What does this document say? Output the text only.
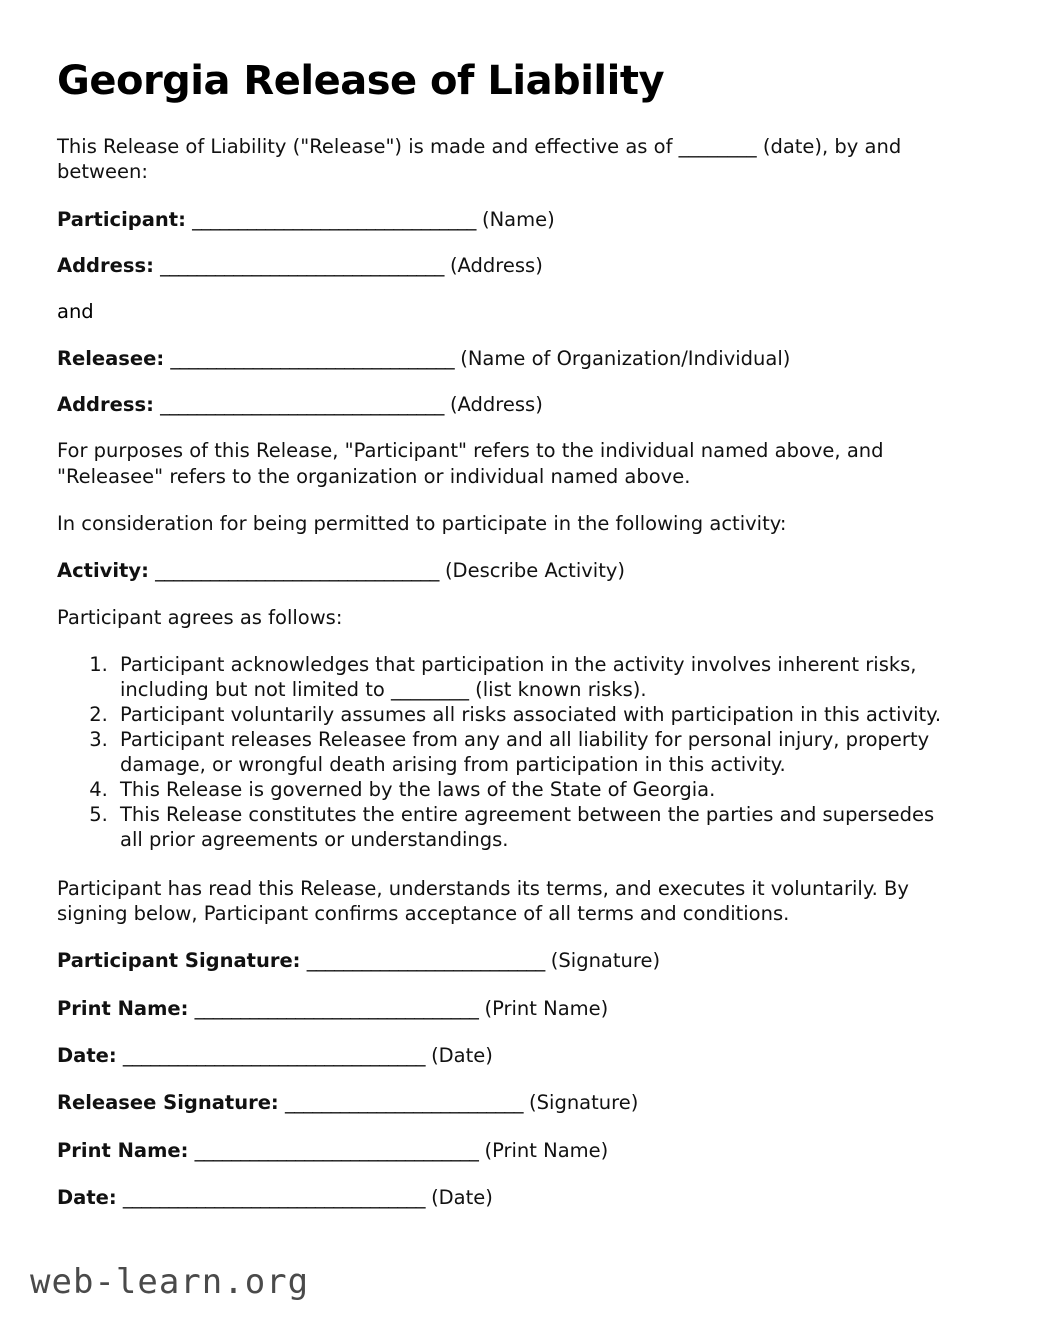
Georgia Release of Liability

This Release of Liability ("Release") is made and effective as of ________ (date), by and between:

Participant: _______________________________ (Name)
Address: _______________________________ (Address)

and

Releasee: _______________________________ (Name of Organization/Individual)
Address: _______________________________ (Address)

For purposes of this Release, "Participant" refers to the individual named above, and "Releasee" refers to the organization or individual named above.

In consideration for being permitted to participate in the following activity:

Activity: _______________________________ (Describe Activity)

Participant agrees as follows:

1. Participant acknowledges that participation in the activity involves inherent risks, including but not limited to ________ (list known risks).
2. Participant voluntarily assumes all risks associated with participation in this activity.
3. Participant releases Releasee from any and all liability for personal injury, property damage, or wrongful death arising from participation in this activity.
4. This Release is governed by the laws of the State of Georgia.
5. This Release constitutes the entire agreement between the parties and supersedes all prior agreements or understandings.

Participant has read this Release, understands its terms, and executes it voluntarily. By signing below, Participant confirms acceptance of all terms and conditions.

Participant Signature: __________________________ (Signature)
Print Name: _______________________________ (Print Name)
Date: _________________________________ (Date)
Releasee Signature: __________________________ (Signature)
Print Name: _______________________________ (Print Name)
Date: _________________________________ (Date)
web-learn.org
